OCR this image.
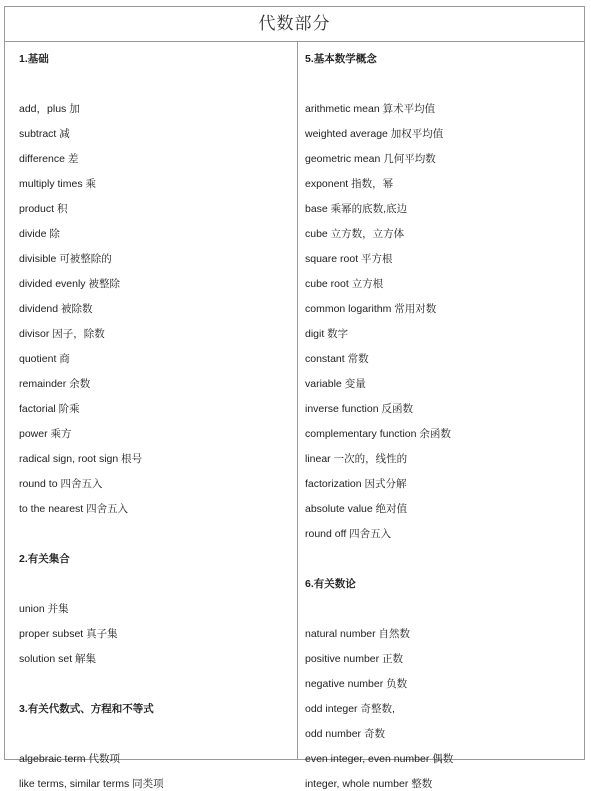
代数部分
1.基础
add，plus 加
subtract 减
difference 差
multiply times 乘
product 积
divide 除
divisible 可被整除的
divided evenly 被整除
dividend 被除数
divisor 因子，除数
quotient 商
remainder 余数
factorial 阶乘
power 乘方
radical sign, root sign 根号
round to 四舍五入
to the nearest 四舍五入
2.有关集合
union 并集
proper subset 真子集
solution set 解集
3.有关代数式、方程和不等式
algebraic term 代数项
like terms, similar terms 同类项
5.基本数学概念
arithmetic mean 算术平均值
weighted average 加权平均值
geometric mean 几何平均数
exponent 指数，幂
base 乘幂的底数,底边
cube 立方数，立方体
square root 平方根
cube root 立方根
common logarithm 常用对数
digit 数字
constant 常数
variable 变量
inverse function 反函数
complementary function 余函数
linear 一次的，线性的
factorization 因式分解
absolute value 绝对值
round off 四舍五入
6.有关数论
natural number 自然数
positive number 正数
negative number 负数
odd integer 奇整数,
odd number 奇数
even integer, even number 偶数
integer, whole number 整数
